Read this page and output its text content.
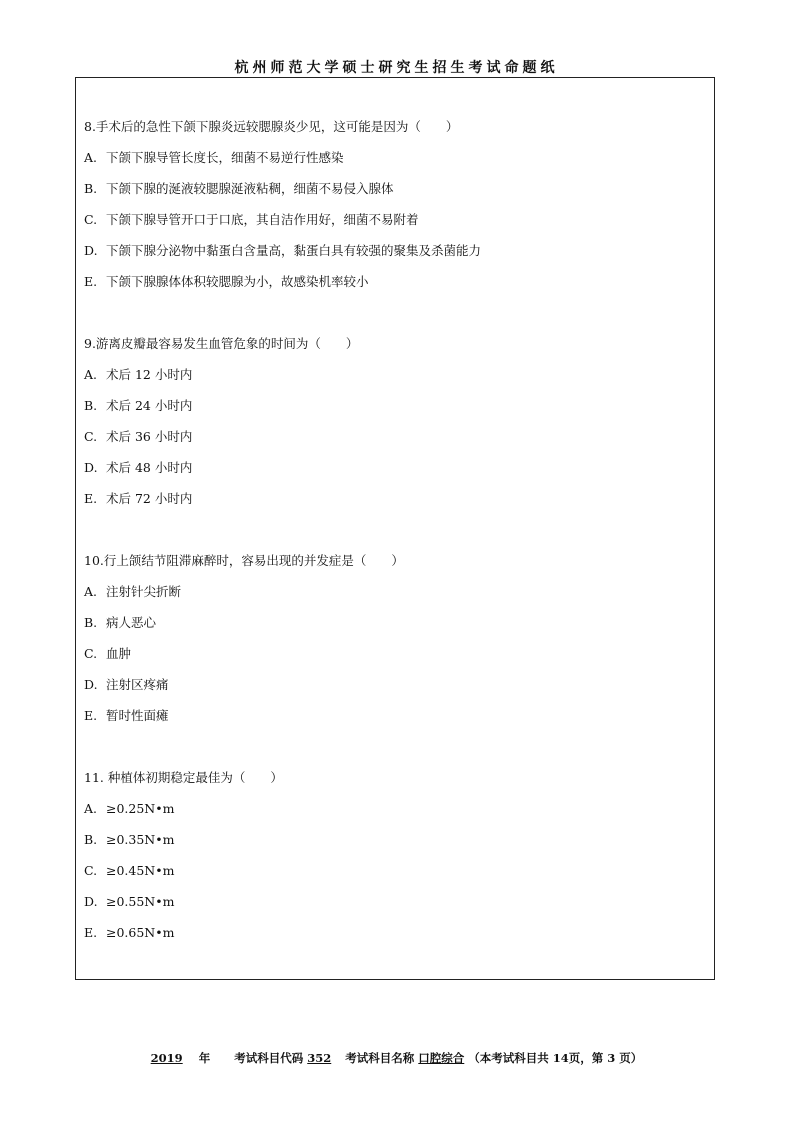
杭州师范大学硕士研究生招生考试命题纸
8.手术后的急性下颌下腺炎远较腮腺炎少见，这可能是因为（　　）
A. 下颌下腺导管长度长，细菌不易逆行性感染
B. 下颌下腺的涎液较腮腺涎液粘稠，细菌不易侵入腺体
C. 下颌下腺导管开口于口底，其自洁作用好，细菌不易附着
D. 下颌下腺分泌物中黏蛋白含量高，黏蛋白具有较强的聚集及杀菌能力
E. 下颌下腺腺体体积较腮腺为小，故感染机率较小
9.游离皮瓣最容易发生血管危象的时间为（　　）
A. 术后 12 小时内
B. 术后 24 小时内
C. 术后 36 小时内
D. 术后 48 小时内
E. 术后 72 小时内
10.行上颌结节阻滞麻醉时，容易出现的并发症是（　　）
A. 注射针尖折断
B. 病人恶心
C. 血肿
D. 注射区疼痛
E. 暂时性面瘫
11. 种植体初期稳定最佳为（　　）
A. ≥0.25N•m
B. ≥0.35N•m
C. ≥0.45N•m
D. ≥0.55N•m
E. ≥0.65N•m
2019 年 考试科目代码 352 考试科目名称 口腔综合 （本考试科目共 14页，第 3 页）
